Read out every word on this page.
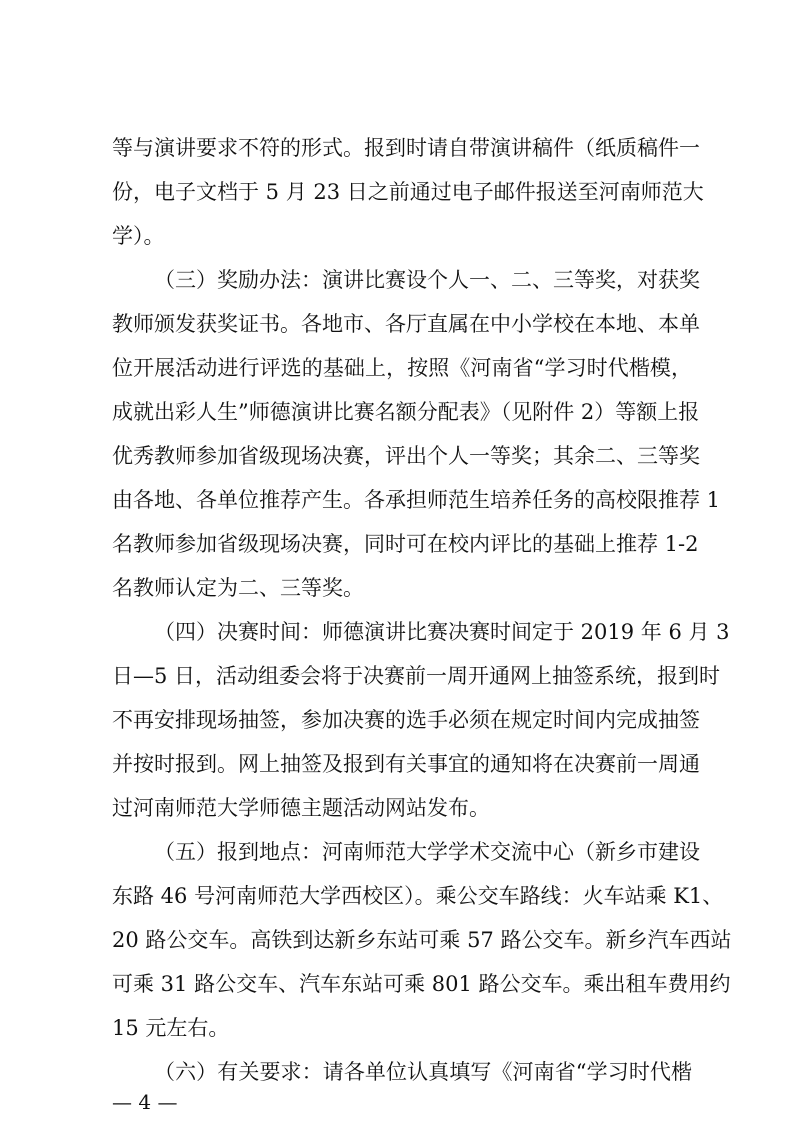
等与演讲要求不符的形式。报到时请自带演讲稿件（纸质稿件一
份，电子文档于 5 月 23 日之前通过电子邮件报送至河南师范大
学）。
（三）奖励办法：演讲比赛设个人一、二、三等奖，对获奖
教师颁发获奖证书。各地市、各厅直属在中小学校在本地、本单
位开展活动进行评选的基础上，按照《河南省“学习时代楷模，
成就出彩人生”师德演讲比赛名额分配表》（见附件 2）等额上报
优秀教师参加省级现场决赛，评出个人一等奖；其余二、三等奖
由各地、各单位推荐产生。各承担师范生培养任务的高校限推荐 1
名教师参加省级现场决赛，同时可在校内评比的基础上推荐 1-2
名教师认定为二、三等奖。
（四）决赛时间：师德演讲比赛决赛时间定于 2019 年 6 月 3
日—5 日，活动组委会将于决赛前一周开通网上抽签系统，报到时
不再安排现场抽签，参加决赛的选手必须在规定时间内完成抽签
并按时报到。网上抽签及报到有关事宜的通知将在决赛前一周通
过河南师范大学师德主题活动网站发布。
（五）报到地点：河南师范大学学术交流中心（新乡市建设
东路 46 号河南师范大学西校区）。乘公交车路线：火车站乘 K1、
20 路公交车。高铁到达新乡东站可乘 57 路公交车。新乡汽车西站
可乘 31 路公交车、汽车东站可乘 801 路公交车。乘出租车费用约
15 元左右。
（六）有关要求：请各单位认真填写《河南省“学习时代楷
— 4 —
